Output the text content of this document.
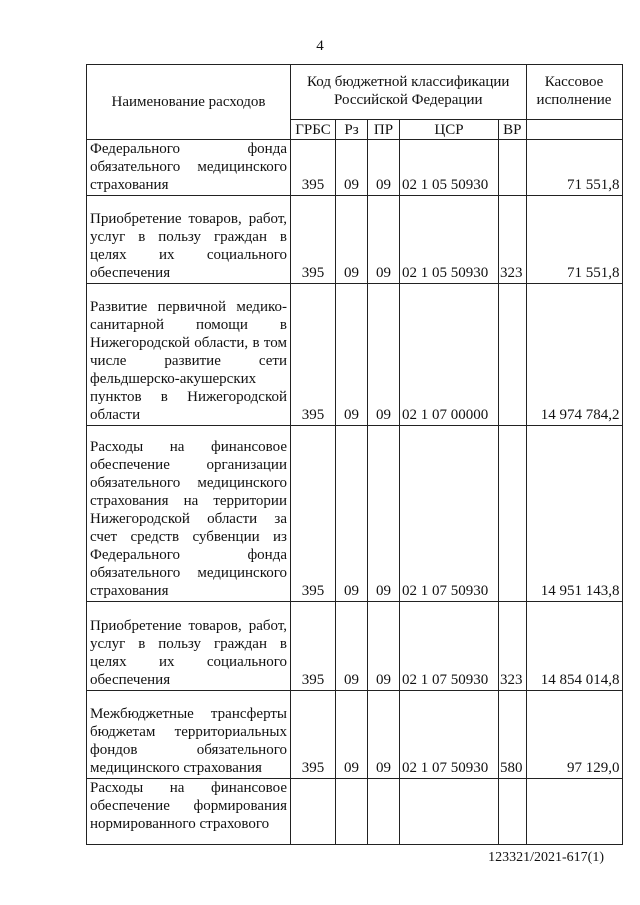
4
Наименование расходов	Код бюджетной классификации Российской Федерации					Кассовое исполнение
	ГРБС	Рз	ПР	ЦСР	ВР	
Федерального фонда обязательного медицинского страхования	395	09	09	02 1 05 50930		71 551,8
Приобретение товаров, работ, услуг в пользу граждан в целях их социального обеспечения	395	09	09	02 1 05 50930	323	71 551,8
Развитие первичной медико-санитарной помощи в Нижегородской области, в том числе развитие сети фельдшерско-акушерских пунктов в Нижегородской области	395	09	09	02 1 07 00000		14 974 784,2
Расходы на финансовое обеспечение организации обязательного медицинского страхования на территории Нижегородской области за счет средств субвенции из Федерального фонда обязательного медицинского страхования	395	09	09	02 1 07 50930		14 951 143,8
Приобретение товаров, работ, услуг в пользу граждан в целях их социального обеспечения	395	09	09	02 1 07 50930	323	14 854 014,8
Межбюджетные трансферты бюджетам территориальных фондов обязательного медицинского страхования	395	09	09	02 1 07 50930	580	97 129,0
Расходы на финансовое обеспечение формирования нормированного страхового						
123321/2021-617(1)
